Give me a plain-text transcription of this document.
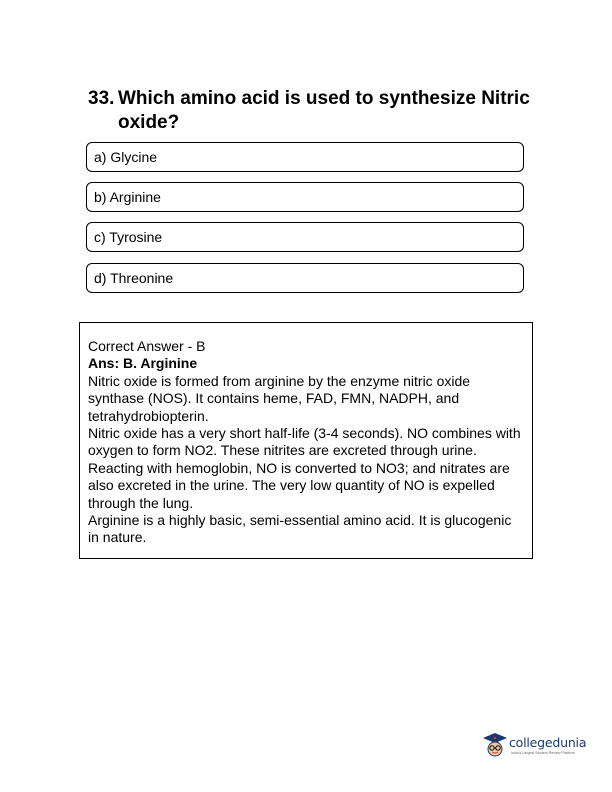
33. Which amino acid is used to synthesize Nitric oxide?
a) Glycine
b) Arginine
c) Tyrosine
d) Threonine

Correct Answer - B

Ans: B. Arginine

Nitric oxide is formed from arginine by the enzyme nitric oxide synthase (NOS). It contains heme, FAD, FMN, NADPH, and tetrahydrobiopterin.

Nitric oxide has a very short half-life (3-4 seconds). NO combines with oxygen to form NO2. These nitrites are excreted through urine. Reacting with hemoglobin, NO is converted to NO3; and nitrates are also excreted in the urine. The very low quantity of NO is expelled through the lung.

Arginine is a highly basic, semi-essential amino acid. It is glucogenic in nature.

collegedunia
India's Largest Student Review Platform
